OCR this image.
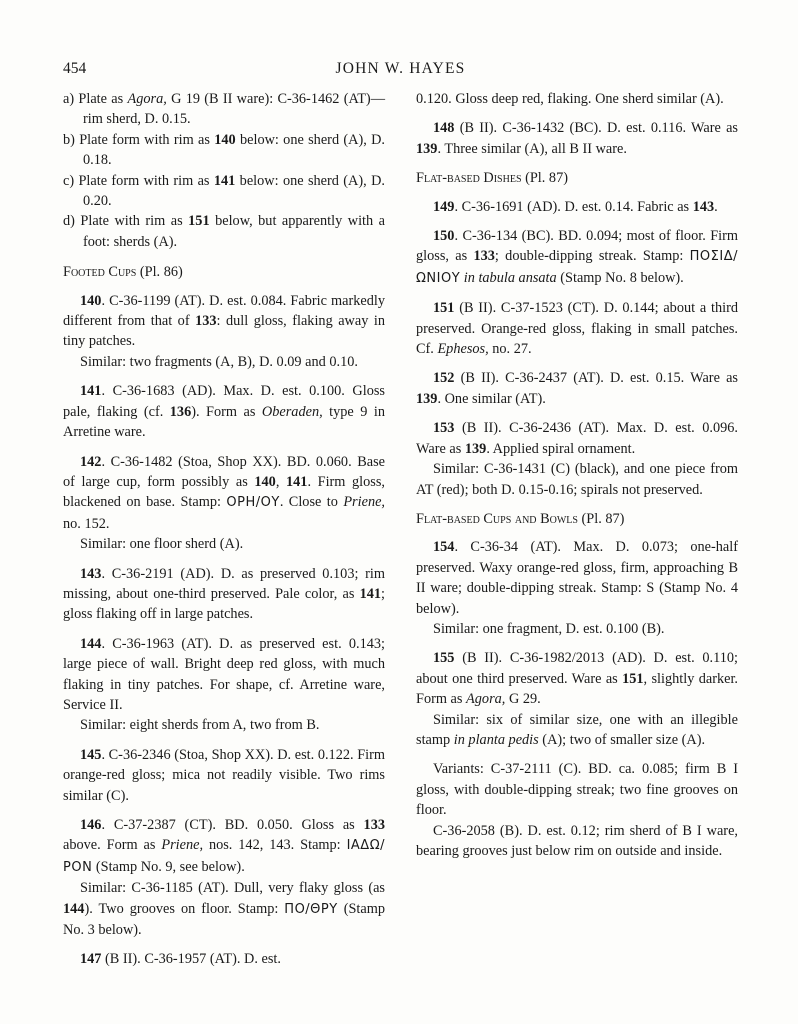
454	JOHN W. HAYES

a) Plate as Agora, G 19 (B II ware): C-36-1462 (AT)—rim sherd, D. 0.15.

b) Plate form with rim as 140 below: one sherd (A), D. 0.18.

c) Plate form with rim as 141 below: one sherd (A), D. 0.20.

d) Plate with rim as 151 below, but apparently with a foot: sherds (A).

Footed Cups (Pl. 86)

140. C-36-1199 (AT). D. est. 0.084. Fabric markedly different from that of 133: dull gloss, flaking away in tiny patches.

Similar: two fragments (A, B), D. 0.09 and 0.10.

141. C-36-1683 (AD). Max. D. est. 0.100. Gloss pale, flaking (cf. 136). Form as Oberaden, type 9 in Arretine ware.

142. C-36-1482 (Stoa, Shop XX). BD. 0.060. Base of large cup, form possibly as 140, 141. Firm gloss, blackened on base. Stamp: ΟΡΗ/ΟΥ. Close to Priene, no. 152.

Similar: one floor sherd (A).

143. C-36-2191 (AD). D. as preserved 0.103; rim missing, about one-third preserved. Pale color, as 141; gloss flaking off in large patches.

144. C-36-1963 (AT). D. as preserved est. 0.143; large piece of wall. Bright deep red gloss, with much flaking in tiny patches. For shape, cf. Arretine ware, Service II.

Similar: eight sherds from A, two from B.

145. C-36-2346 (Stoa, Shop XX). D. est. 0.122. Firm orange-red gloss; mica not readily visible. Two rims similar (C).

146. C-37-2387 (CT). BD. 0.050. Gloss as 133 above. Form as Priene, nos. 142, 143. Stamp: ΙΑΔΩ/ΡΟΝ (Stamp No. 9, see below).

Similar: C-36-1185 (AT). Dull, very flaky gloss (as 144). Two grooves on floor. Stamp: ΠΟ/ΘΡΥ (Stamp No. 3 below).

147 (B II). C-36-1957 (AT). D. est.

0.120. Gloss deep red, flaking. One sherd similar (A).

148 (B II). C-36-1432 (BC). D. est. 0.116. Ware as 139. Three similar (A), all B II ware.

Flat-based Dishes (Pl. 87)

149. C-36-1691 (AD). D. est. 0.14. Fabric as 143.

150. C-36-134 (BC). BD. 0.094; most of floor. Firm gloss, as 133; double-dipping streak. Stamp: ΠΟΣΙΔ/ΩΝΙΟΥ in tabula ansata (Stamp No. 8 below).

151 (B II). C-37-1523 (CT). D. 0.144; about a third preserved. Orange-red gloss, flaking in small patches. Cf. Ephesos, no. 27.

152 (B II). C-36-2437 (AT). D. est. 0.15. Ware as 139. One similar (AT).

153 (B II). C-36-2436 (AT). Max. D. est. 0.096. Ware as 139. Applied spiral ornament.

Similar: C-36-1431 (C) (black), and one piece from AT (red); both D. 0.15-0.16; spirals not preserved.

Flat-based Cups and Bowls (Pl. 87)

154. C-36-34 (AT). Max. D. 0.073; one-half preserved. Waxy orange-red gloss, firm, approaching B II ware; double-dipping streak. Stamp: S (Stamp No. 4 below).

Similar: one fragment, D. est. 0.100 (B).

155 (B II). C-36-1982/2013 (AD). D. est. 0.110; about one third preserved. Ware as 151, slightly darker. Form as Agora, G 29.

Similar: six of similar size, one with an illegible stamp in planta pedis (A); two of smaller size (A).

Variants: C-37-2111 (C). BD. ca. 0.085; firm B I gloss, with double-dipping streak; two fine grooves on floor.

C-36-2058 (B). D. est. 0.12; rim sherd of B I ware, bearing grooves just below rim on outside and inside.
